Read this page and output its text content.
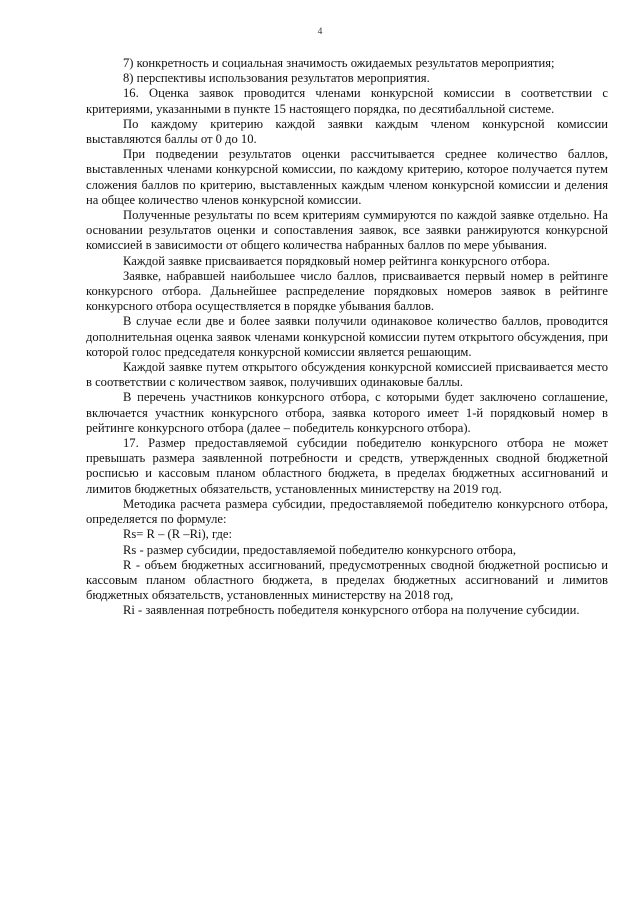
4

7) конкретность и социальная значимость ожидаемых результатов мероприятия;

8) перспективы использования результатов мероприятия.

16. Оценка заявок проводится членами конкурсной комиссии в соответствии с критериями, указанными в пункте 15 настоящего порядка, по десятибалльной системе.

По каждому критерию каждой заявки каждым членом конкурсной комиссии выставляются баллы от 0 до 10.

При подведении результатов оценки рассчитывается среднее количество баллов, выставленных членами конкурсной комиссии, по каждому критерию, которое получается путем сложения баллов по критерию, выставленных каждым членом конкурсной комиссии и деления на общее количество членов конкурсной комиссии.

Полученные результаты по всем критериям суммируются по каждой заявке отдельно. На основании результатов оценки и сопоставления заявок, все заявки ранжируются конкурсной комиссией в зависимости от общего количества набранных баллов по мере убывания.

Каждой заявке присваивается порядковый номер рейтинга конкурсного отбора.

Заявке, набравшей наибольшее число баллов, присваивается первый номер в рейтинге конкурсного отбора. Дальнейшее распределение порядковых номеров заявок в рейтинге конкурсного отбора осуществляется в порядке убывания баллов.

В случае если две и более заявки получили одинаковое количество баллов, проводится дополнительная оценка заявок членами конкурсной комиссии путем открытого обсуждения, при которой голос председателя конкурсной комиссии является решающим.

Каждой заявке путем открытого обсуждения конкурсной комиссией присваивается место в соответствии с количеством заявок, получивших одинаковые баллы.

В перечень участников конкурсного отбора, с которыми будет заключено соглашение, включается участник конкурсного отбора, заявка которого имеет 1-й порядковый номер в рейтинге конкурсного отбора (далее – победитель конкурсного отбора).

17. Размер предоставляемой субсидии победителю конкурсного отбора не может превышать размера заявленной потребности и средств, утвержденных сводной бюджетной росписью и кассовым планом областного бюджета, в пределах бюджетных ассигнований и лимитов бюджетных обязательств, установленных министерству на 2019 год.

Методика расчета размера субсидии, предоставляемой победителю конкурсного отбора, определяется по формуле:

Rs= R – (R –Ri), где:

Rs - размер субсидии, предоставляемой победителю конкурсного отбора,

R - объем бюджетных ассигнований, предусмотренных сводной бюджетной росписью и кассовым планом областного бюджета, в пределах бюджетных ассигнований и лимитов бюджетных обязательств, установленных министерству на 2018 год,

Ri - заявленная потребность победителя конкурсного отбора на получение субсидии.
